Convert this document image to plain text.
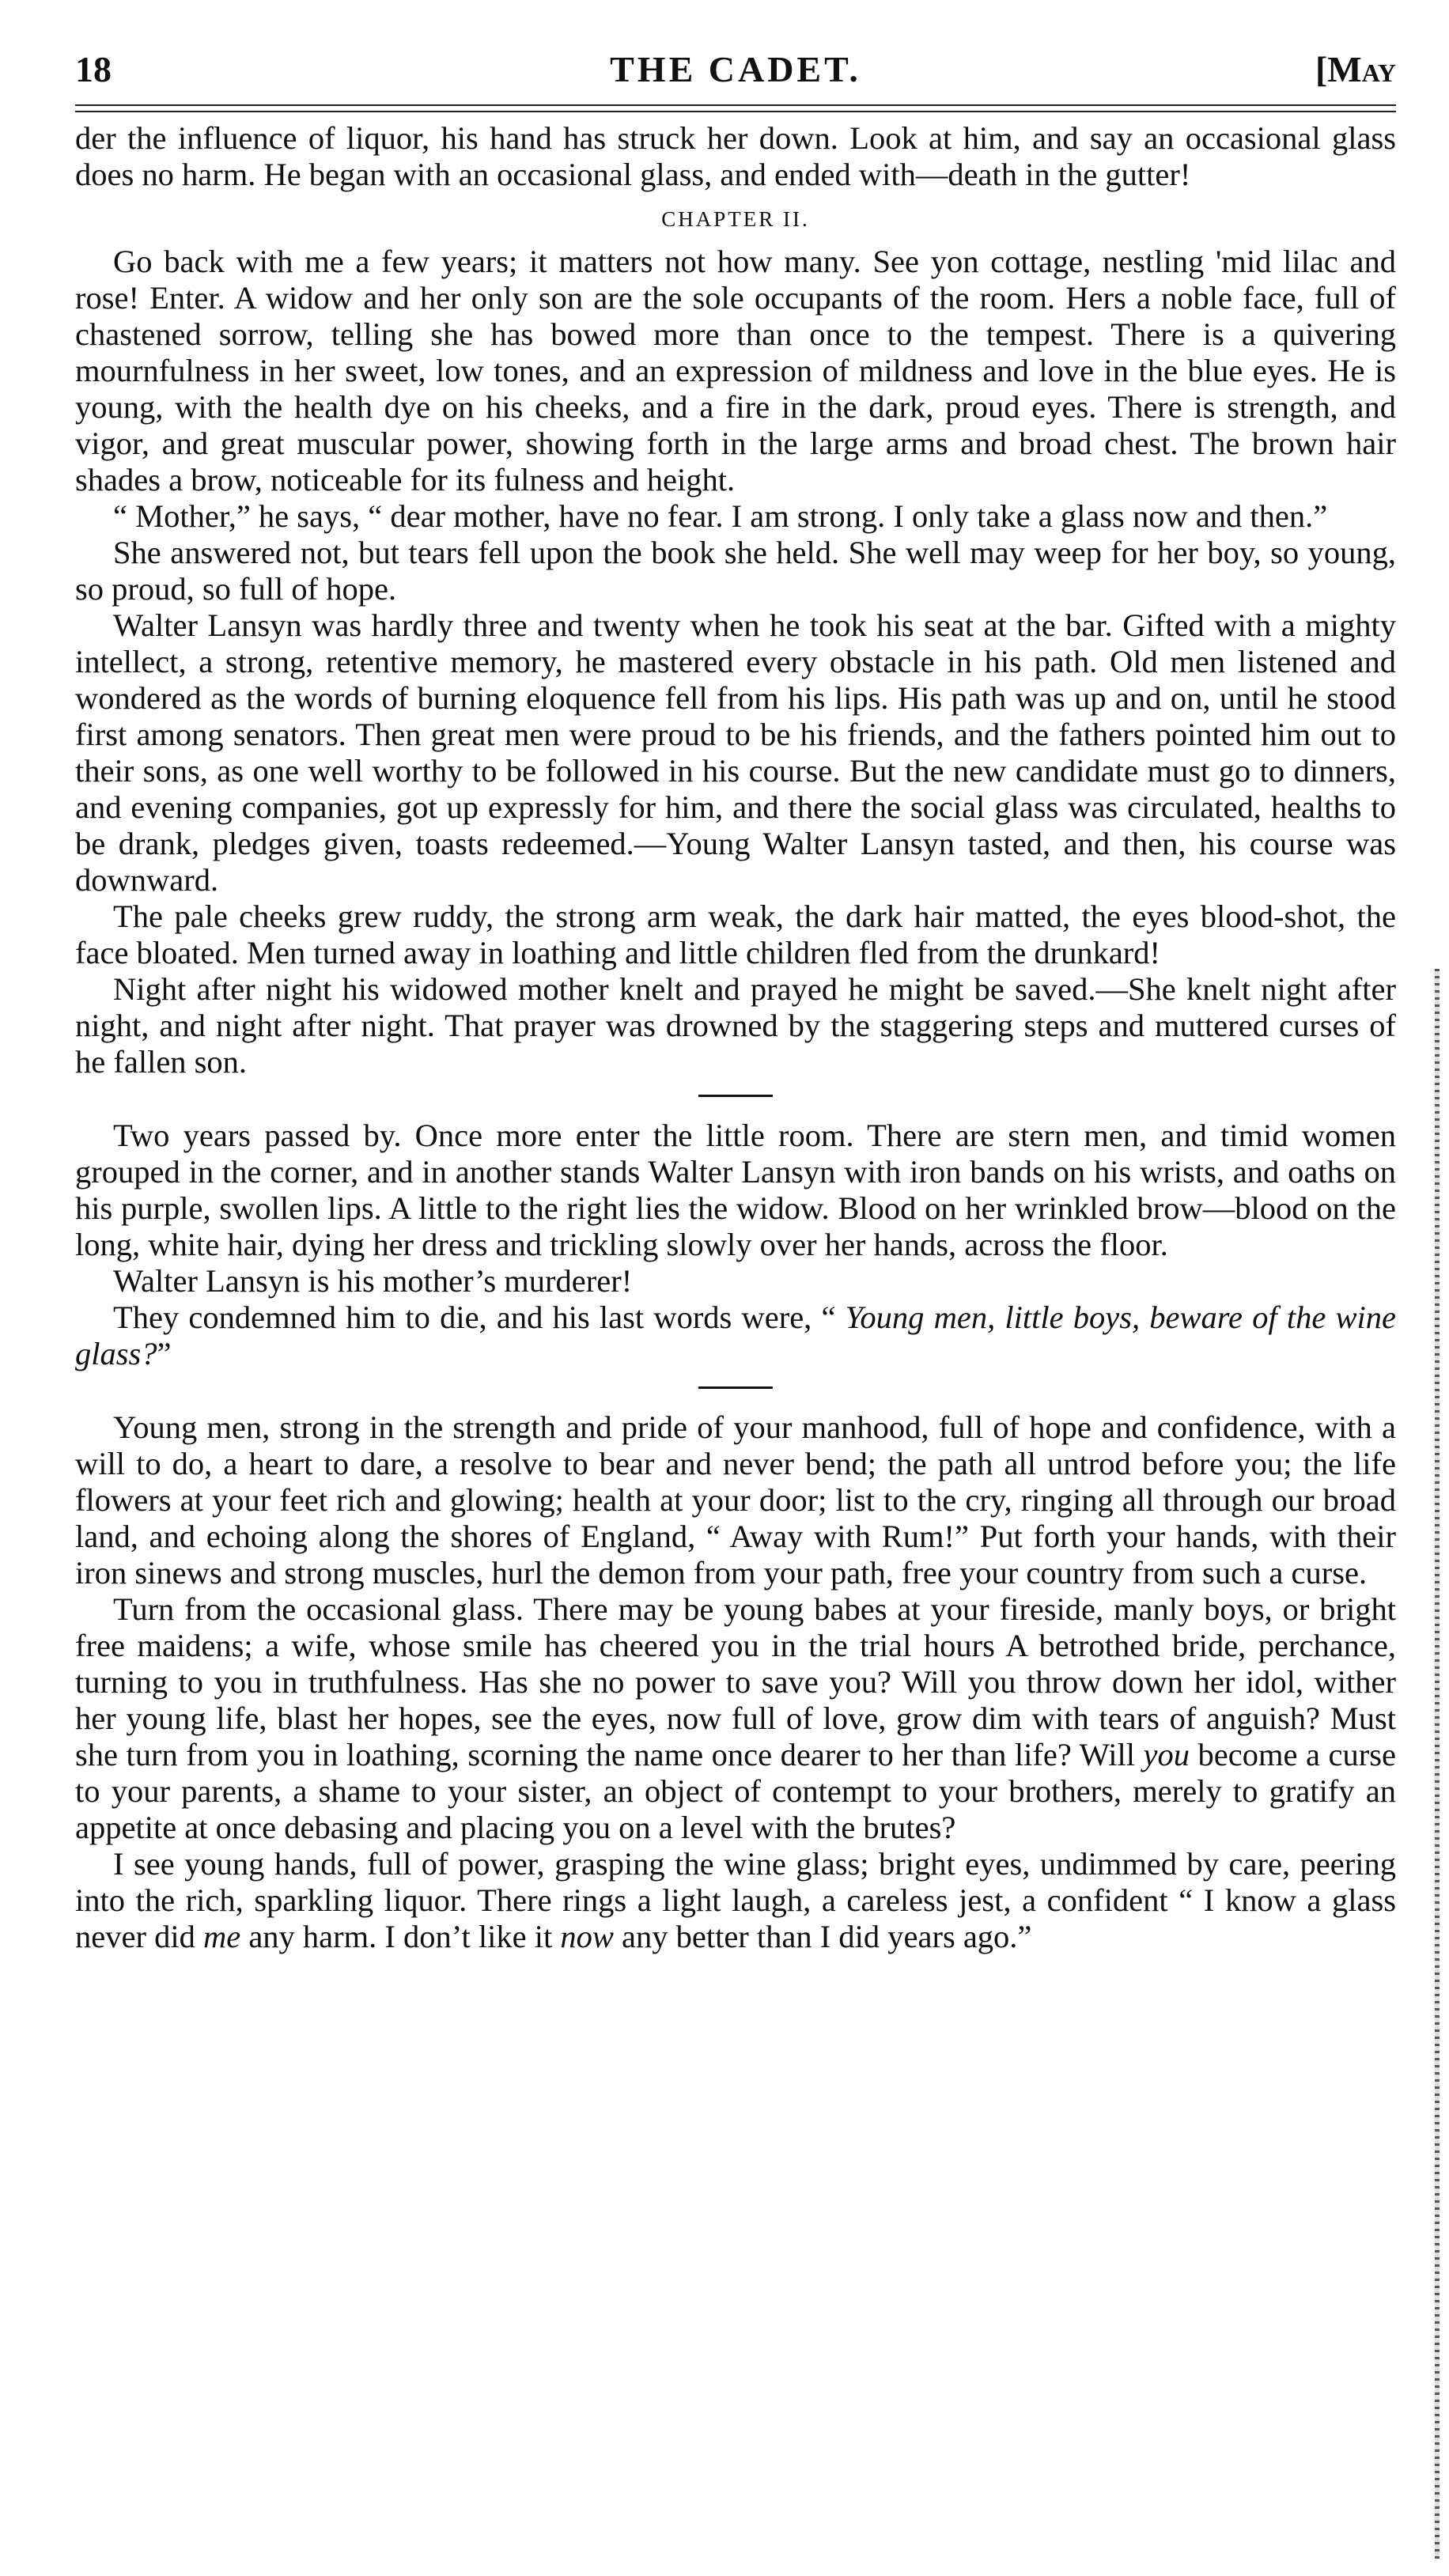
18	THE CADET.	[May

der the influence of liquor, his hand has struck her down. Look at him, and say an occasional glass does no harm. He began with an occasional glass, and ended with—death in the gutter!

CHAPTER II.

Go back with me a few years; it matters not how many. See yon cottage, nestling 'mid lilac and rose! Enter. A widow and her only son are the sole occupants of the room. Hers a noble face, full of chastened sorrow, telling she has bowed more than once to the tempest. There is a quivering mournfulness in her sweet, low tones, and an expression of mildness and love in the blue eyes. He is young, with the health dye on his cheeks, and a fire in the dark, proud eyes. There is strength, and vigor, and great muscular power, showing forth in the large arms and broad chest. The brown hair shades a brow, noticeable for its fulness and height.

“ Mother,” he says, “ dear mother, have no fear. I am strong. I only take a glass now and then.”

She answered not, but tears fell upon the book she held. She well may weep for her boy, so young, so proud, so full of hope.

Walter Lansyn was hardly three and twenty when he took his seat at the bar. Gifted with a mighty intellect, a strong, retentive memory, he mastered every obstacle in his path. Old men listened and wondered as the words of burning eloquence fell from his lips. His path was up and on, until he stood first among senators. Then great men were proud to be his friends, and the fathers pointed him out to their sons, as one well worthy to be followed in his course. But the new candidate must go to dinners, and evening companies, got up expressly for him, and there the social glass was circulated, healths to be drank, pledges given, toasts redeemed.—Young Walter Lansyn tasted, and then, his course was downward.

The pale cheeks grew ruddy, the strong arm weak, the dark hair matted, the eyes blood-shot, the face bloated. Men turned away in loathing and little children fled from the drunkard!

Night after night his widowed mother knelt and prayed he might be saved.—She knelt night after night, and night after night. That prayer was drowned by the staggering steps and muttered curses of he fallen son.

Two years passed by. Once more enter the little room. There are stern men, and timid women grouped in the corner, and in another stands Walter Lansyn with iron bands on his wrists, and oaths on his purple, swollen lips. A little to the right lies the widow. Blood on her wrinkled brow—blood on the long, white hair, dying her dress and trickling slowly over her hands, across the floor.

Walter Lansyn is his mother’s murderer!

They condemned him to die, and his last words were, “ Young men, little boys, beware of the wine glass?”

Young men, strong in the strength and pride of your manhood, full of hope and confidence, with a will to do, a heart to dare, a resolve to bear and never bend; the path all untrod before you; the life flowers at your feet rich and glowing; health at your door; list to the cry, ringing all through our broad land, and echoing along the shores of England, “ Away with Rum!” Put forth your hands, with their iron sinews and strong muscles, hurl the demon from your path, free your country from such a curse.

Turn from the occasional glass. There may be young babes at your fireside, manly boys, or bright free maidens; a wife, whose smile has cheered you in the trial hours A betrothed bride, perchance, turning to you in truthfulness. Has she no power to save you? Will you throw down her idol, wither her young life, blast her hopes, see the eyes, now full of love, grow dim with tears of anguish? Must she turn from you in loathing, scorning the name once dearer to her than life? Will you become a curse to your parents, a shame to your sister, an object of contempt to your brothers, merely to gratify an appetite at once debasing and placing you on a level with the brutes?

I see young hands, full of power, grasping the wine glass; bright eyes, undimmed by care, peering into the rich, sparkling liquor. There rings a light laugh, a careless jest, a confident “ I know a glass never did me any harm. I don’t like it now any better than I did years ago.”
